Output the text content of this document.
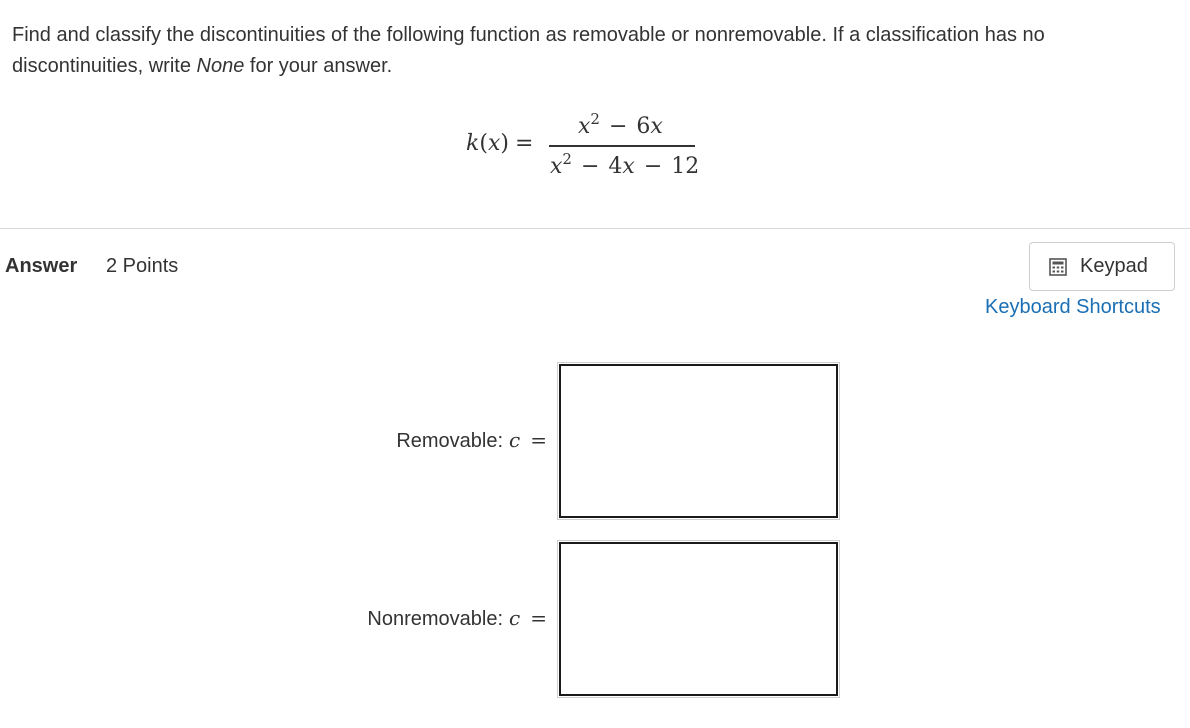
Find and classify the discontinuities of the following function as removable or nonremovable. If a classification has no discontinuities, write None for your answer.
k(x) =
$x^2 - 6x$
$x^2 - 4x - 12$
Answer 2 Points	Keypad
Keyboard Shortcuts
Removable: c =
Nonremovable: c =
